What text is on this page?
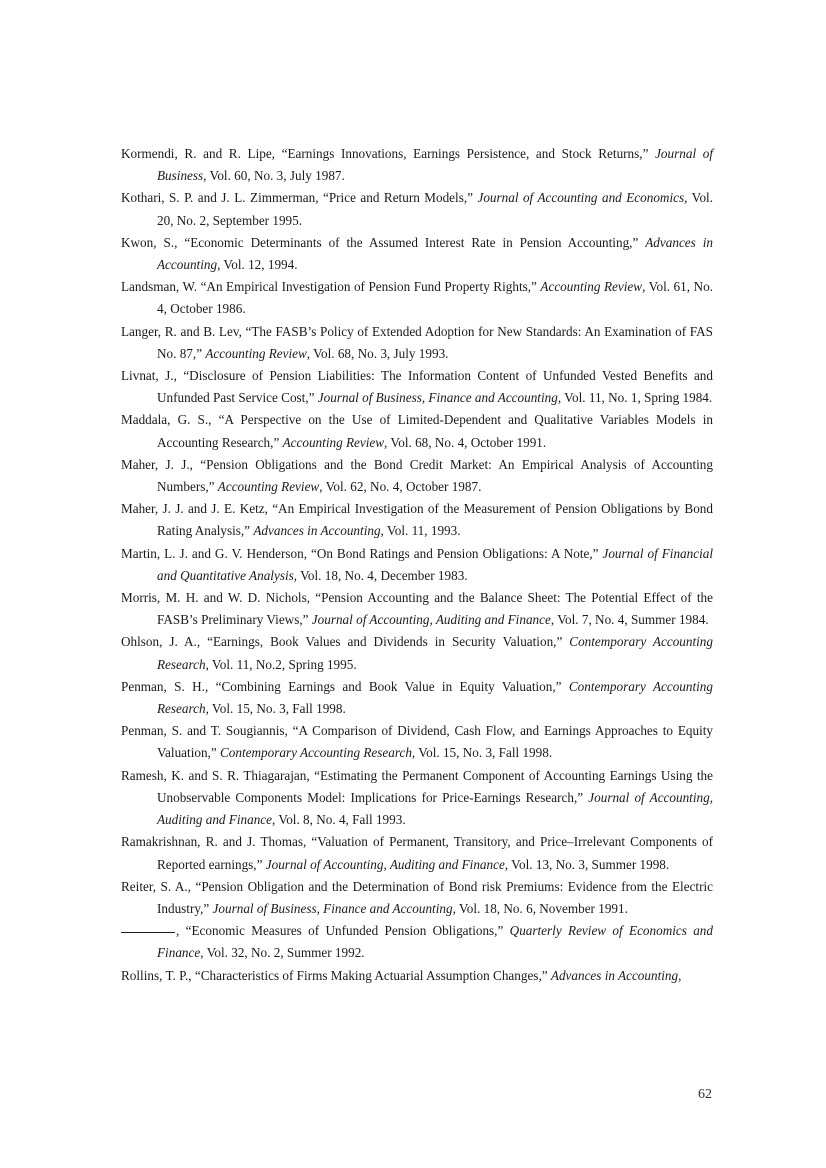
Kormendi, R. and R. Lipe, “Earnings Innovations, Earnings Persistence, and Stock Returns,” Journal of Business, Vol. 60, No. 3, July 1987.

Kothari, S. P. and J. L. Zimmerman, “Price and Return Models,” Journal of Accounting and Economics, Vol. 20, No. 2, September 1995.

Kwon, S., “Economic Determinants of the Assumed Interest Rate in Pension Accounting,” Advances in Accounting, Vol. 12, 1994.

Landsman, W. “An Empirical Investigation of Pension Fund Property Rights,” Accounting Review, Vol. 61, No. 4, October 1986.

Langer, R. and B. Lev, “The FASB’s Policy of Extended Adoption for New Standards: An Examination of FAS No. 87,” Accounting Review, Vol. 68, No. 3, July 1993.

Livnat, J., “Disclosure of Pension Liabilities: The Information Content of Unfunded Vested Benefits and Unfunded Past Service Cost,” Journal of Business, Finance and Accounting, Vol. 11, No. 1, Spring 1984.

Maddala, G. S., “A Perspective on the Use of Limited-Dependent and Qualitative Variables Models in Accounting Research,” Accounting Review, Vol. 68, No. 4, October 1991.

Maher, J. J., “Pension Obligations and the Bond Credit Market: An Empirical Analysis of Accounting Numbers,” Accounting Review, Vol. 62, No. 4, October 1987.

Maher, J. J. and J. E. Ketz, “An Empirical Investigation of the Measurement of Pension Obligations by Bond Rating Analysis,” Advances in Accounting, Vol. 11, 1993.

Martin, L. J. and G. V. Henderson, “On Bond Ratings and Pension Obligations: A Note,” Journal of Financial and Quantitative Analysis, Vol. 18, No. 4, December 1983.

Morris, M. H. and W. D. Nichols, “Pension Accounting and the Balance Sheet: The Potential Effect of the FASB’s Preliminary Views,” Journal of Accounting, Auditing and Finance, Vol. 7, No. 4, Summer 1984.

Ohlson, J. A., “Earnings, Book Values and Dividends in Security Valuation,” Contemporary Accounting Research, Vol. 11, No.2, Spring 1995.

Penman, S. H., “Combining Earnings and Book Value in Equity Valuation,” Contemporary Accounting Research, Vol. 15, No. 3, Fall 1998.

Penman, S. and T. Sougiannis, “A Comparison of Dividend, Cash Flow, and Earnings Approaches to Equity Valuation,” Contemporary Accounting Research, Vol. 15, No. 3, Fall 1998.

Ramesh, K. and S. R. Thiagarajan, “Estimating the Permanent Component of Accounting Earnings Using the Unobservable Components Model: Implications for Price-Earnings Research,” Journal of Accounting, Auditing and Finance, Vol. 8, No. 4, Fall 1993.

Ramakrishnan, R. and J. Thomas, “Valuation of Permanent, Transitory, and Price–Irrelevant Components of Reported earnings,” Journal of Accounting, Auditing and Finance, Vol. 13, No. 3, Summer 1998.

Reiter, S. A., “Pension Obligation and the Determination of Bond risk Premiums: Evidence from the Electric Industry,” Journal of Business, Finance and Accounting, Vol. 18, No. 6, November 1991.

, “Economic Measures of Unfunded Pension Obligations,” Quarterly Review of Economics and Finance, Vol. 32, No. 2, Summer 1992.

Rollins, T. P., “Characteristics of Firms Making Actuarial Assumption Changes,” Advances in Accounting,

62
